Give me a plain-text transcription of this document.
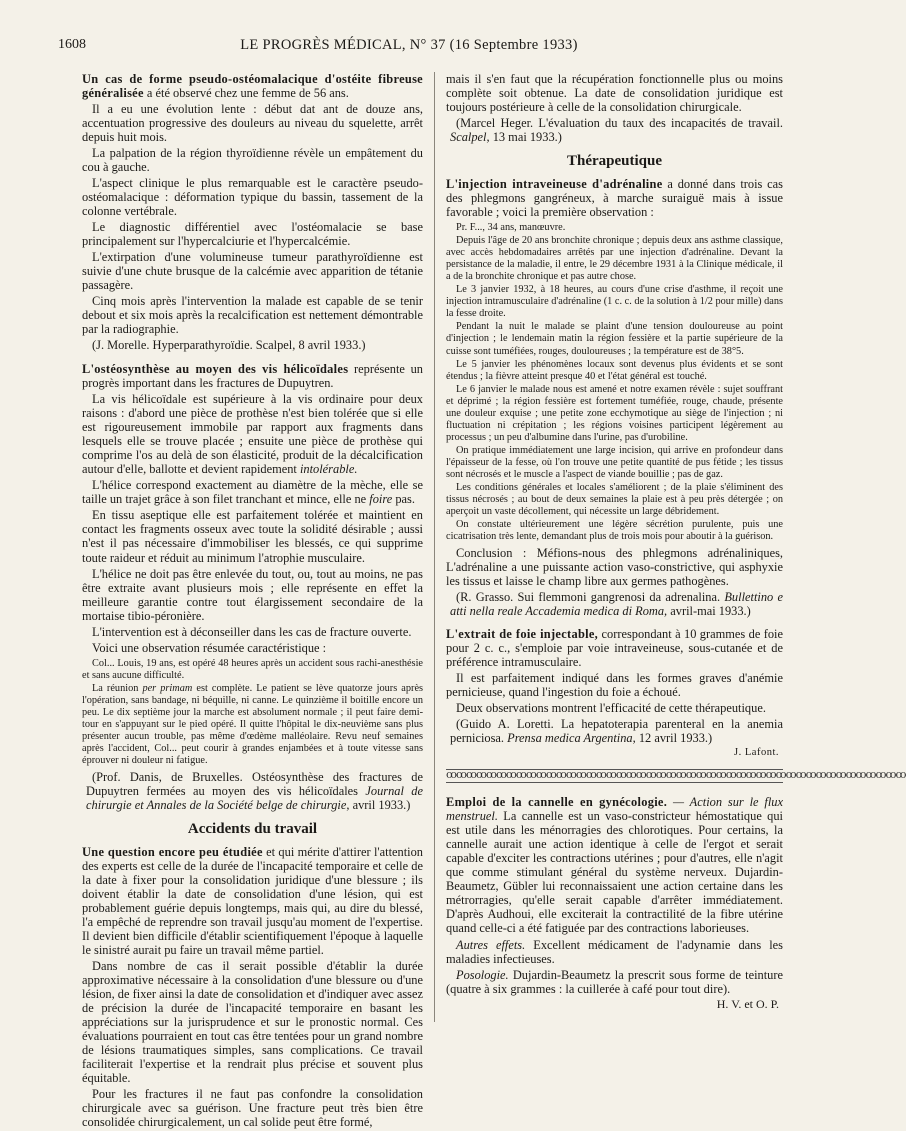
1608	LE PROGRÈS MÉDICAL, N° 37 (16 Septembre 1933)

Un cas de forme pseudo-ostéomalacique d'ostéite fibreuse généralisée a été observé chez une femme de 56 ans.

Il a eu une évolution lente : début dat ant de douze ans, accentuation progressive des douleurs au niveau du squelette, arrêt depuis huit mois.

La palpation de la région thyroïdienne révèle un empâtement du cou à gauche.

L'aspect clinique le plus remarquable est le caractère pseudo-ostéomalacique : déformation typique du bassin, tassement de la colonne vertébrale.

Le diagnostic différentiel avec l'ostéomalacie se base principalement sur l'hypercalciurie et l'hypercalcémie.

L'extirpation d'une volumineuse tumeur parathyroïdienne est suivie d'une chute brusque de la calcémie avec apparition de tétanie passagère.

Cinq mois après l'intervention la malade est capable de se tenir debout et six mois après la recalcification est nettement démontrable par la radiographie.

(J. Morelle. Hyperparathyroïdie. Scalpel, 8 avril 1933.)

L'ostéosynthèse au moyen des vis hélicoïdales représente un progrès important dans les fractures de Dupuytren.

La vis hélicoïdale est supérieure à la vis ordinaire pour deux raisons : d'abord une pièce de prothèse n'est bien tolérée que si elle est rigoureusement immobile par rapport aux fragments dans lesquels elle se trouve placée ; ensuite une pièce de prothèse qui comprime l'os au delà de son élasticité, produit de la décalcification autour d'elle, ballotte et devient rapidement intolérable.

L'hélice correspond exactement au diamètre de la mèche, elle se taille un trajet grâce à son filet tranchant et mince, elle ne foire pas.

En tissu aseptique elle est parfaitement tolérée et maintient en contact les fragments osseux avec toute la solidité désirable ; aussi n'est il pas nécessaire d'immobiliser les blessés, ce qui supprime toute raideur et réduit au minimum l'atrophie musculaire.

L'hélice ne doit pas être enlevée du tout, ou, tout au moins, ne pas être extraite avant plusieurs mois ; elle représente en effet la meilleure garantie contre tout élargissement secondaire de la mortaise tibio-péronière.

L'intervention est à déconseiller dans les cas de fracture ouverte.

Voici une observation résumée caractéristique :

Col... Louis, 19 ans, est opéré 48 heures après un accident sous rachi-anesthésie et sans aucune difficulté.

La réunion per primam est complète. Le patient se lève quatorze jours après l'opération, sans bandage, ni béquille, ni canne. Le quinzième il boitille encore un peu. Le dix septième jour la marche est absolument normale ; il peut faire demi-tour en s'appuyant sur le pied opéré. Il quitte l'hôpital le dix-neuvième sans plus présenter aucun trouble, pas même d'œdème malléolaire. Revu neuf semaines après l'accident, Col... peut courir à grandes enjambées et à toute vitesse sans éprouver ni douleur ni fatigue.

(Prof. Danis, de Bruxelles. Ostéosynthèse des fractures de Dupuytren fermées au moyen des vis hélicoïdales Journal de chirurgie et Annales de la Société belge de chirurgie, avril 1933.)

Accidents du travail

Une question encore peu étudiée et qui mérite d'attirer l'attention des experts est celle de la durée de l'incapacité temporaire et celle de la date à fixer pour la consolidation juridique d'une blessure ; ils doivent établir la date de consolidation d'une lésion, qui est probablement guérie depuis longtemps, mais qui, au dire du blessé, l'a empêché de reprendre son travail jusqu'au moment de l'expertise. Il devient bien difficile d'établir scientifiquement l'époque à laquelle le sinistré aurait pu faire un travail même partiel.

Dans nombre de cas il serait possible d'établir la durée approximative nécessaire à la consolidation d'une blessure ou d'une lésion, de fixer ainsi la date de consolidation et d'indiquer avec assez de précision la durée de l'incapacité temporaire en basant les appréciations sur la jurisprudence et sur le pronostic normal. Ces évaluations pourraient en tout cas être tentées pour un grand nombre de lésions traumatiques simples, sans complications. Ce travail faciliterait l'expertise et la rendrait plus précise et souvent plus équitable.

Pour les fractures il ne faut pas confondre la consolidation chirurgicale avec sa guérison. Une fracture peut très bien être consolidée chirurgicalement, un cal solide peut être formé,

mais il s'en faut que la récupération fonctionnelle plus ou moins complète soit obtenue. La date de consolidation juridique est toujours postérieure à celle de la consolidation chirurgicale.

(Marcel Heger. L'évaluation du taux des incapacités de travail. Scalpel, 13 mai 1933.)

Thérapeutique

L'injection intraveineuse d'adrénaline a donné dans trois cas des phlegmons gangréneux, à marche suraiguë mais à issue favorable ; voici la première observation :

Pr. F..., 34 ans, manœuvre.

Depuis l'âge de 20 ans bronchite chronique ; depuis deux ans asthme classique, avec accès hebdomadaires arrêtés par une injection d'adrénaline. Devant la persistance de la maladie, il entre, le 29 décembre 1931 à la Clinique médicale, il a de la bronchite chronique et pas autre chose.

Le 3 janvier 1932, à 18 heures, au cours d'une crise d'asthme, il reçoit une injection intramusculaire d'adrénaline (1 c. c. de la solution à 1/2 pour mille) dans la fesse droite.

Pendant la nuit le malade se plaint d'une tension douloureuse au point d'injection ; le lendemain matin la région fessière et la partie supérieure de la cuisse sont tuméfiées, rouges, douloureuses ; la température est de 38°5.

Le 5 janvier les phénomènes locaux sont devenus plus évidents et se sont étendus ; la fièvre atteint presque 40 et l'état général est touché.

Le 6 janvier le malade nous est amené et notre examen révèle : sujet souffrant et déprimé ; la région fessière est fortement tuméfiée, rouge, chaude, présente une douleur exquise ; une petite zone ecchymotique au siège de l'injection ; ni fluctuation ni crépitation ; les régions voisines participent légèrement au processus ; un peu d'albumine dans l'urine, pas d'urobiline.

On pratique immédiatement une large incision, qui arrive en profondeur dans l'épaisseur de la fesse, où l'on trouve une petite quantité de pus fétide ; les tissus sont nécrosés et le muscle a l'aspect de viande bouillie ; pas de gaz.

Les conditions générales et locales s'améliorent ; de la plaie s'éliminent des tissus nécrosés ; au bout de deux semaines la plaie est à peu près détergée ; on aperçoit un vaste décollement, qui nécessite un large débridement.

On constate ultérieurement une légère sécrétion purulente, puis une cicatrisation très lente, demandant plus de trois mois pour aboutir à la guérison.

Conclusion : Méfions-nous des phlegmons adrénaliniques, L'adrénaline a une puissante action vaso-constrictive, qui asphyxie les tissus et laisse le champ libre aux germes pathogènes.

(R. Grasso. Sui flemmoni gangrenosi da adrenalina. Bullettino e atti nella reale Accademia medica di Roma, avril-mai 1933.)

L'extrait de foie injectable, correspondant à 10 grammes de foie pour 2 c. c., s'emploie par voie intraveineuse, sous-cutanée et de préférence intramusculaire.

Il est parfaitement indiqué dans les formes graves d'anémie pernicieuse, quand l'ingestion du foie a échoué.

Deux observations montrent l'efficacité de cette thérapeutique.

(Guido A. Loretti. La hepatoterapia parenteral en la anemia perniciosa. Prensa medica Argentina, 12 avril 1933.)

J. Lafont.
ꝏꝏꝏꝏꝏꝏꝏꝏꝏꝏꝏꝏꝏꝏꝏꝏꝏꝏꝏꝏꝏꝏꝏꝏꝏꝏꝏꝏꝏꝏꝏꝏꝏꝏꝏꝏꝏꝏꝏꝏꝏꝏꝏꝏꝏꝏ

Emploi de la cannelle en gynécologie. — Action sur le flux menstruel. La cannelle est un vaso-constricteur hémostatique qui est utile dans les ménorragies des chlorotiques. Pour certains, la cannelle aurait une action identique à celle de l'ergot et serait capable d'exciter les contractions utérines ; pour d'autres, elle n'agit que comme stimulant général du système nerveux. Dujardin-Beaumetz, Gübler lui reconnaissaient une action certaine dans les métrorragies, qu'elle serait capable d'arrêter immédiatement. D'après Audhoui, elle exciterait la contractilité de la fibre utérine quand celle-ci a été fatiguée par des contractions laborieuses.

Autres effets. Excellent médicament de l'adynamie dans les maladies infectieuses.

Posologie. Dujardin-Beaumetz la prescrit sous forme de teinture (quatre à six grammes : la cuillerée à café pour tout dire).

H. V. et O. P.
